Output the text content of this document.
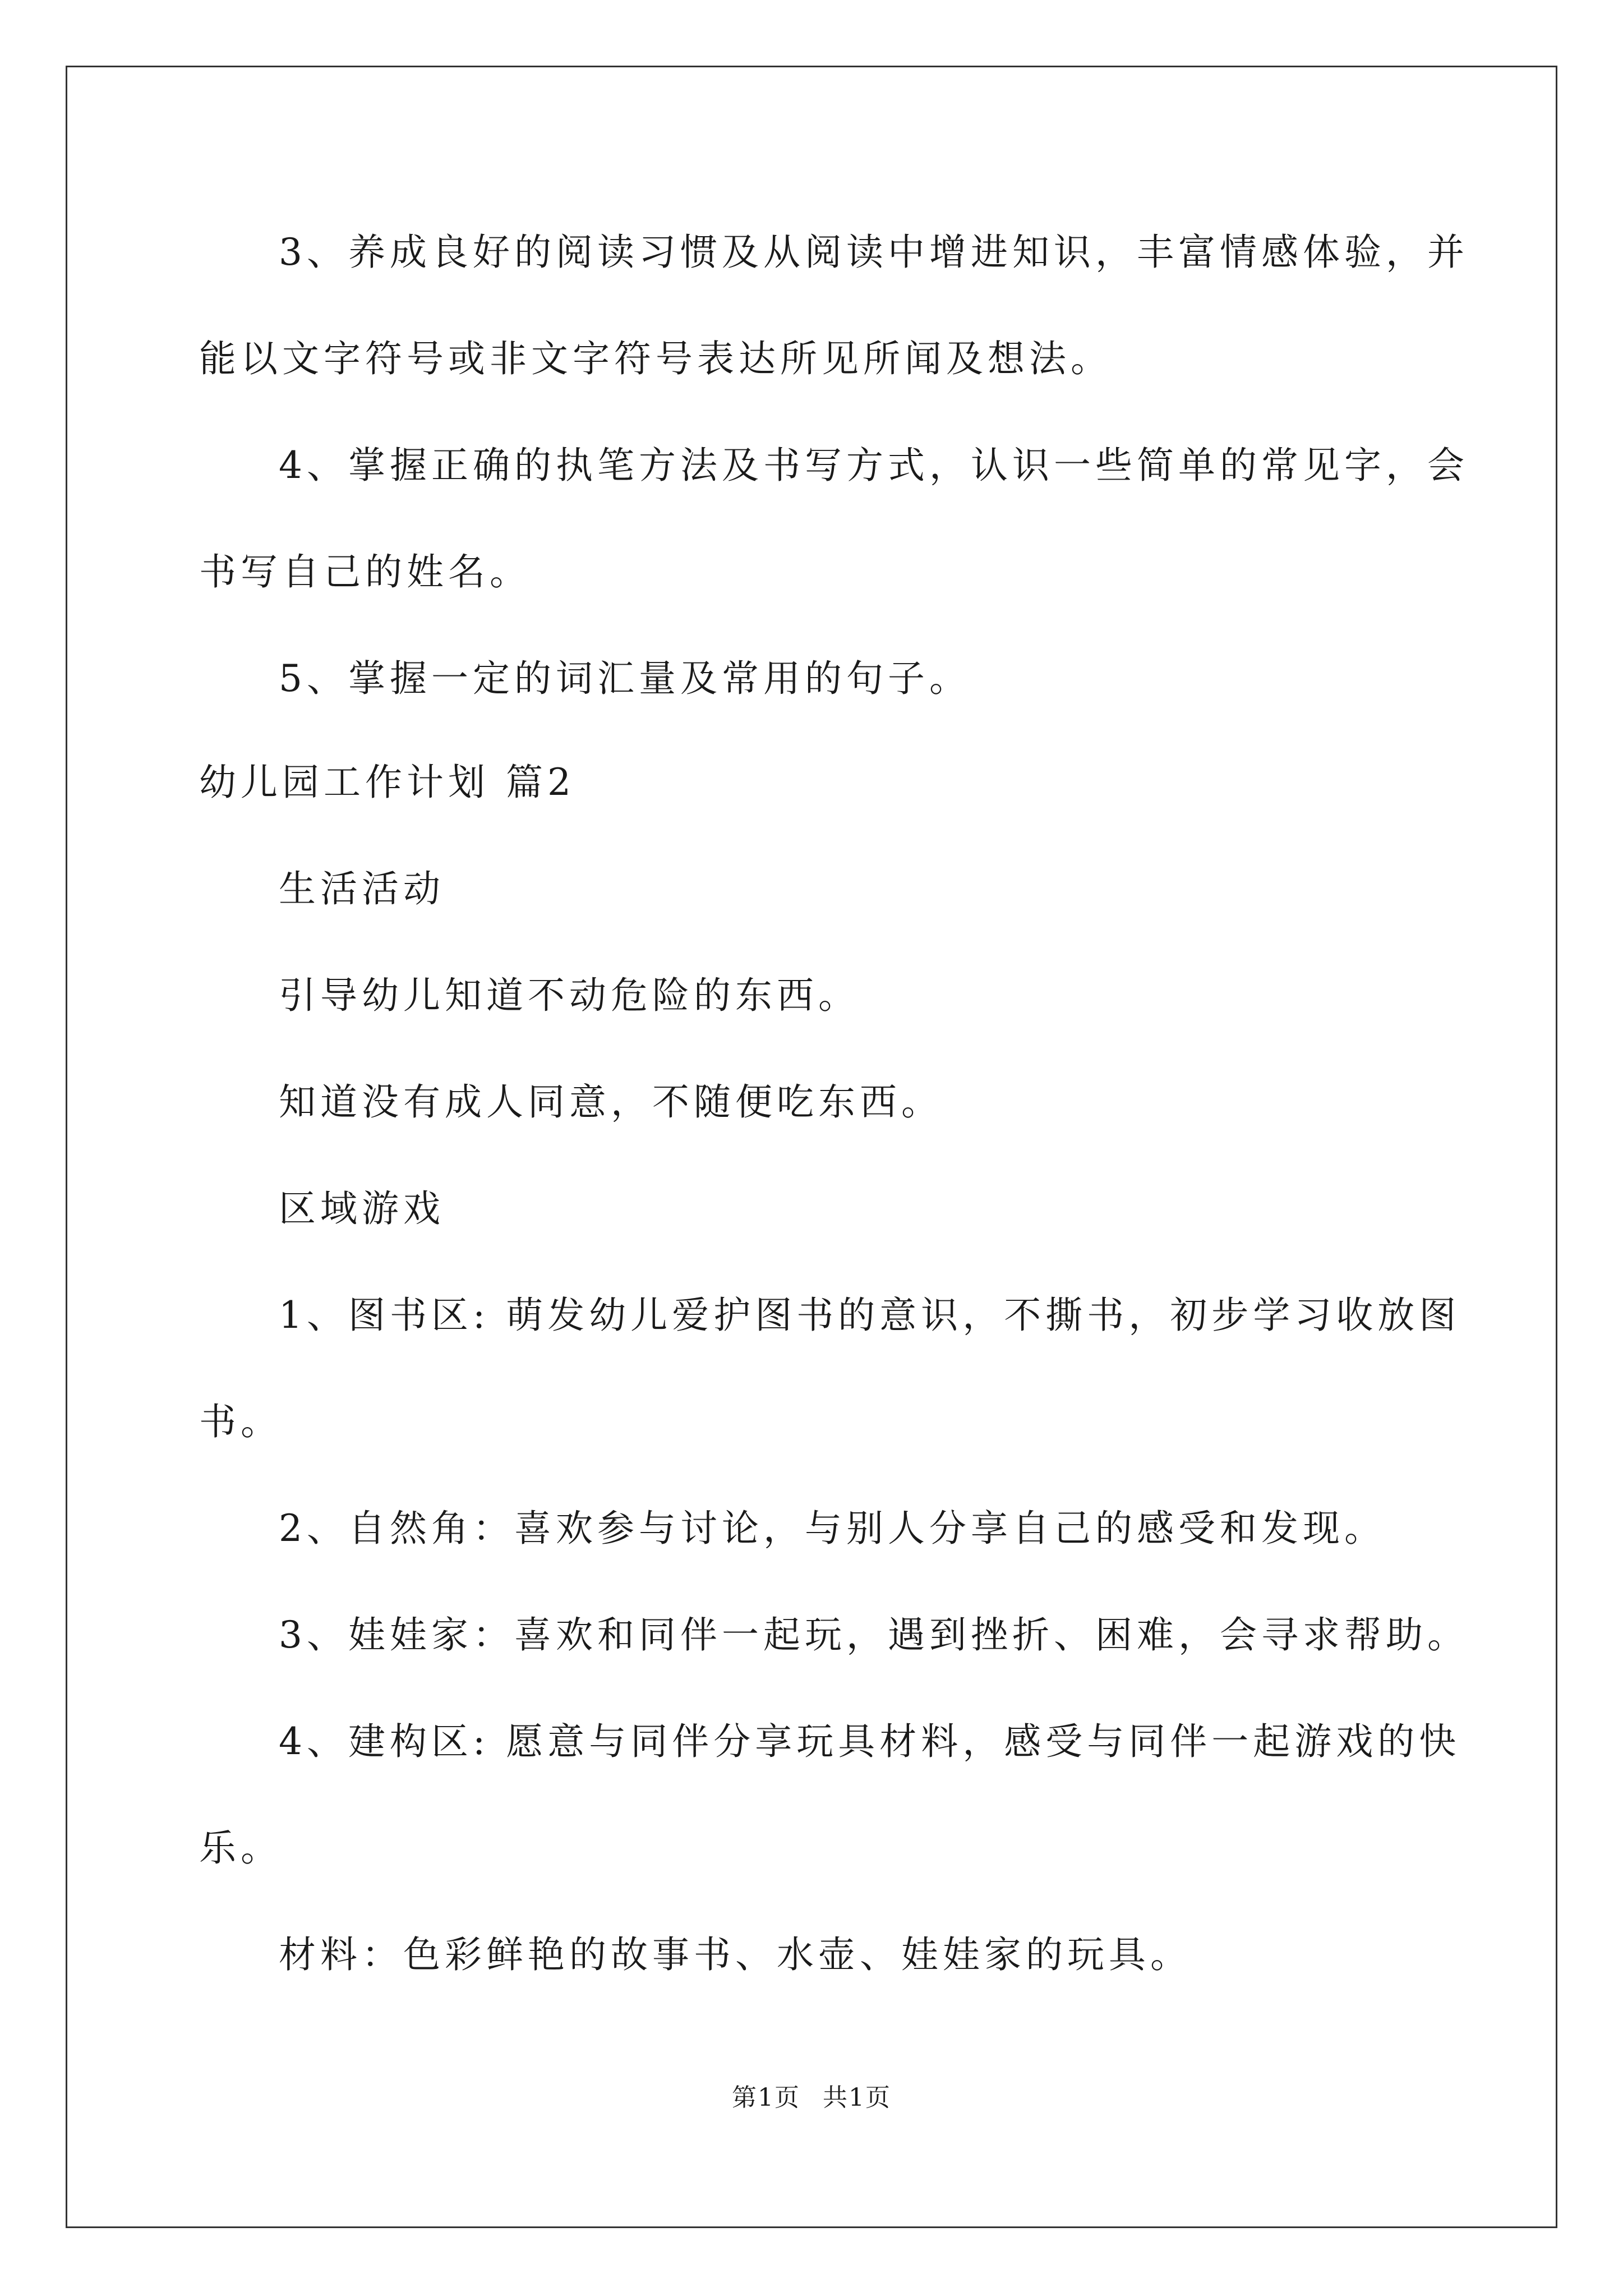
3、养成良好的阅读习惯及从阅读中增进知识，丰富情感体验，并
能以文字符号或非文字符号表达所见所闻及想法。
4、掌握正确的执笔方法及书写方式，认识一些简单的常见字，会
书写自己的姓名。
5、掌握一定的词汇量及常用的句子。
幼儿园工作计划 篇2
生活活动
引导幼儿知道不动危险的东西。
知道没有成人同意，不随便吃东西。
区域游戏
1、图书区: 萌发幼儿爱护图书的意识，不撕书，初步学习收放图
书。
2、自然角：喜欢参与讨论，与别人分享自己的感受和发现。
3、娃娃家：喜欢和同伴一起玩，遇到挫折、困难，会寻求帮助。
4、建构区: 愿意与同伴分享玩具材料，感受与同伴一起游戏的快
乐。
材料：色彩鲜艳的故事书、水壶、娃娃家的玩具。
第1页 共1页
